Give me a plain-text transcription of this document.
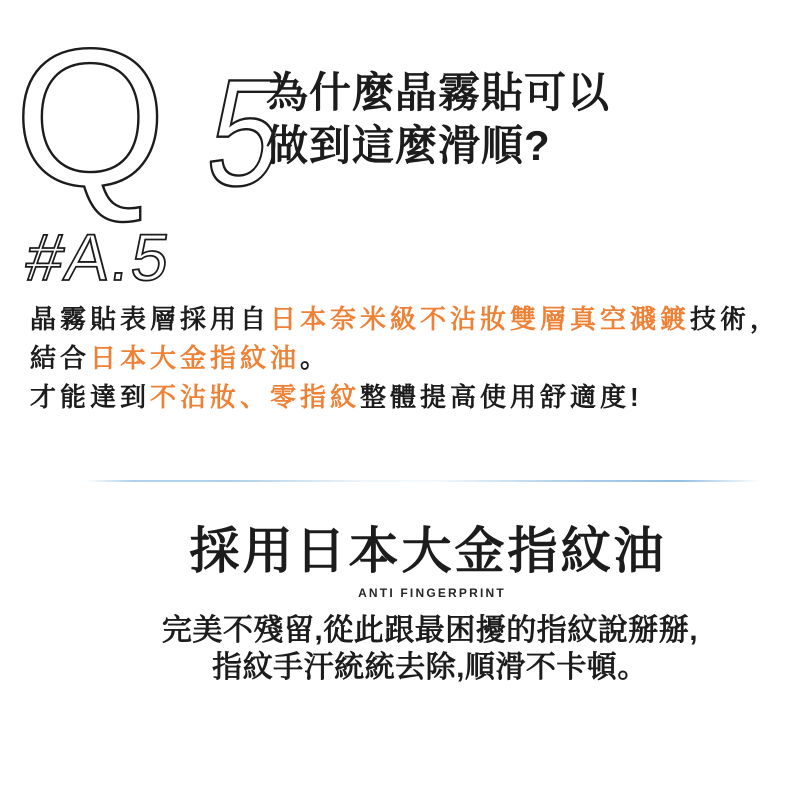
Q 5
為什麼晶霧貼可以
做到這麼滑順?
#A.5

晶霧貼表層採用自日本奈米級不沾妝雙層真空濺鍍技術，

結合日本大金指紋油。

才能達到不沾妝、零指紋整體提高使用舒適度!

採用日本大金指紋油
ANTI FINGERPRINT
完美不殘留,從此跟最困擾的指紋說掰掰,
指紋手汗統統去除,順滑不卡頓。
